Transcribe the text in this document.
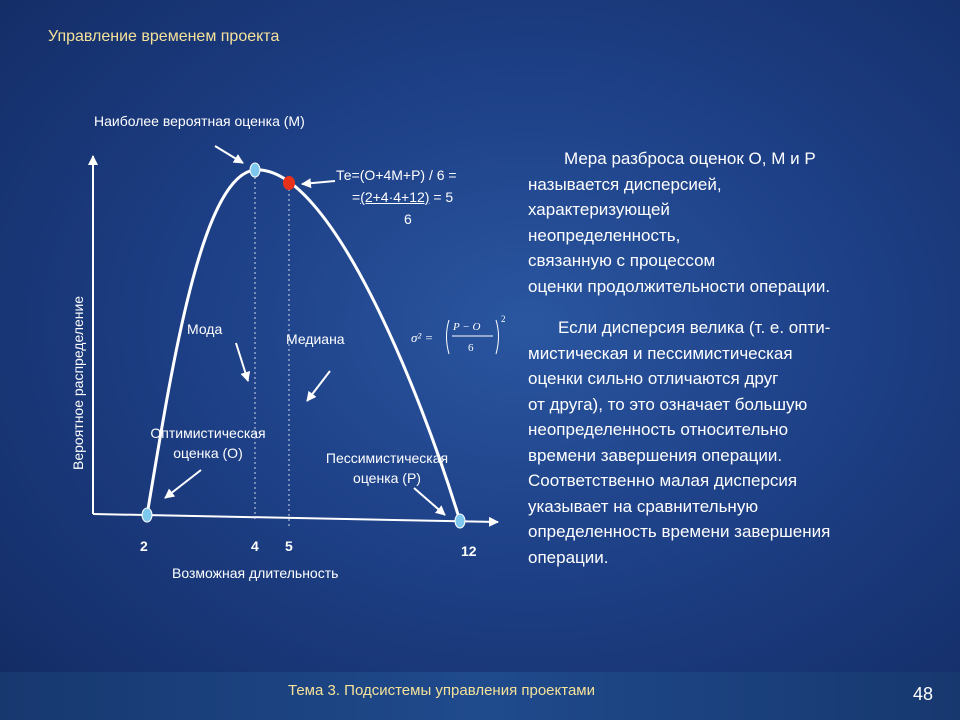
Управление временем проекта
Наиболее вероятная оценка (М)
Вероятное распределение
Возможная длительность
2	4 5	12
Мода
Медиана
Оптимистическая
оценка (О)	Пессимистическая
оценка (Р)
Те=(О+4М+Р) / 6 =
=(2+4·4+12) = 5
6
σ² =
P − O
6
2
Мера разброса оценок О, М и Р
называется дисперсией,
характеризующей
неопределенность,
связанную с процессом
оценки продолжительности операции.
Если дисперсия велика (т. е. опти-
мистическая и пессимистическая
оценки сильно отличаются друг
от друга), то это означает большую
неопределенность относительно
времени завершения операции.
Соответственно малая дисперсия
указывает на сравнительную
определенность времени завершения
операции.
Тема 3. Подсистемы управления проектами	48
